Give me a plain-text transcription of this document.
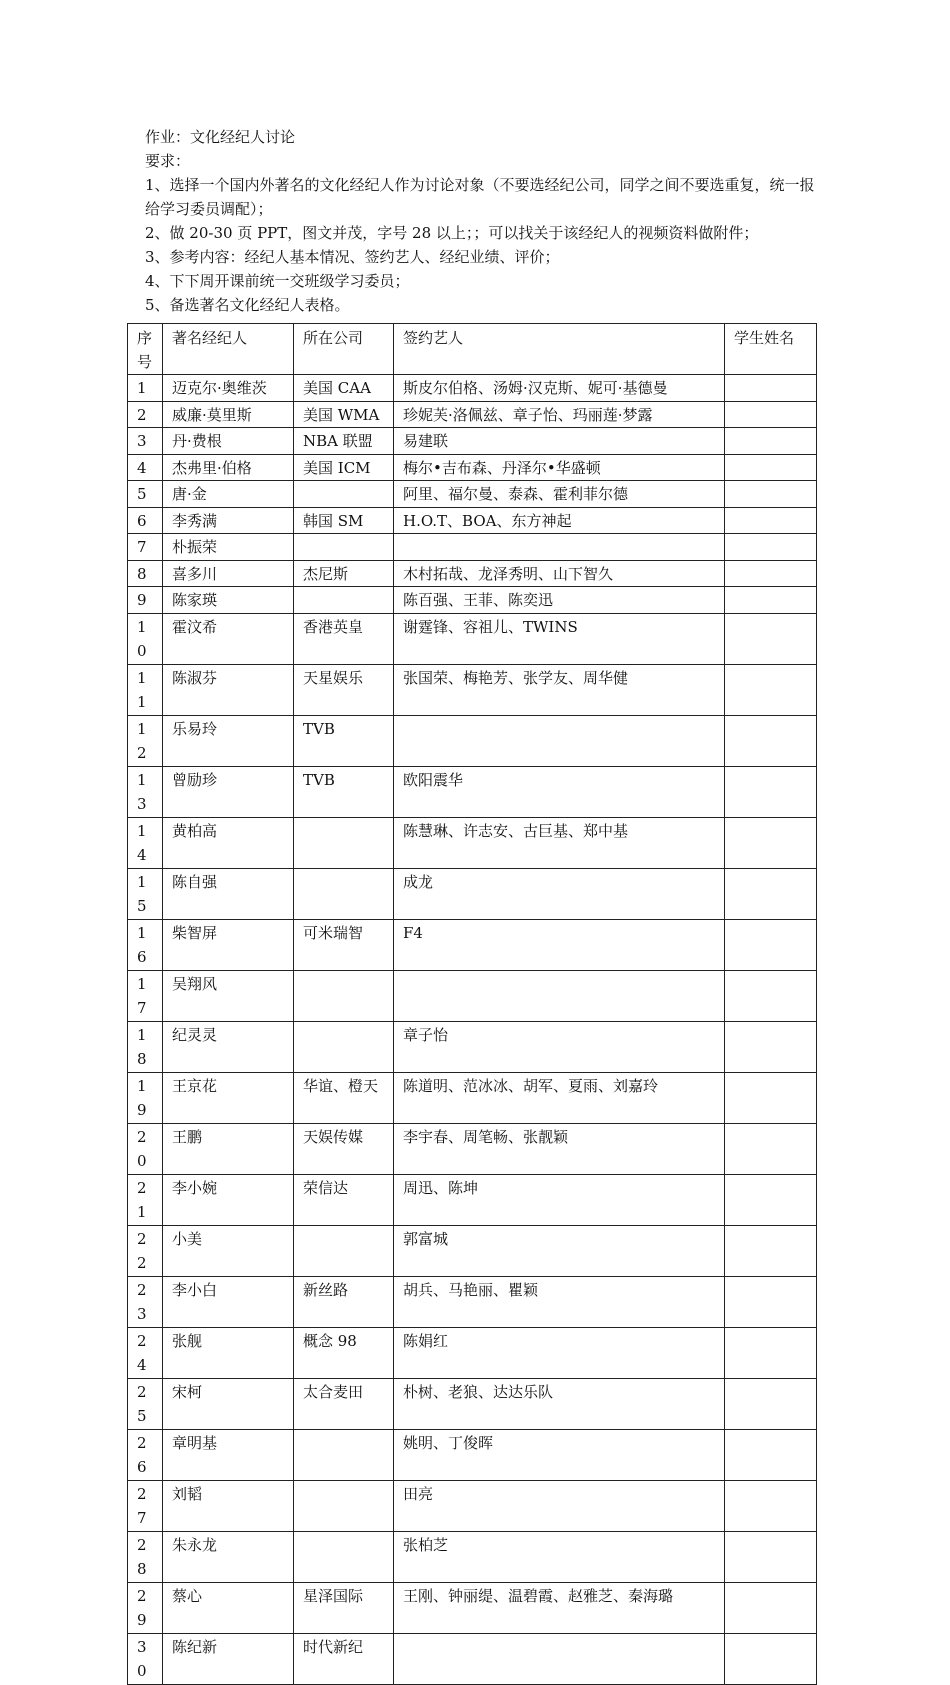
作业：文化经纪人讨论

要求：

1、选择一个国内外著名的文化经纪人作为讨论对象（不要选经纪公司，同学之间不要选重复，统一报给学习委员调配）；

2、做 20-30 页 PPT，图文并茂，字号 28 以上；；可以找关于该经纪人的视频资料做附件；

3、参考内容：经纪人基本情况、签约艺人、经纪业绩、评价；

4、下下周开课前统一交班级学习委员；

5、备选著名文化经纪人表格。

序号	著名经纪人	所在公司	签约艺人	学生姓名
1	迈克尔·奥维茨	美国 CAA	斯皮尔伯格、汤姆·汉克斯、妮可·基德曼	
2	威廉·莫里斯	美国 WMA	珍妮芙·洛佩兹、章子怡、玛丽莲·梦露	
3	丹·费根	NBA 联盟	易建联	
4	杰弗里·伯格	美国 ICM	梅尔•吉布森、丹泽尔•华盛顿	
5	唐·金		阿里、福尔曼、泰森、霍利菲尔德	
6	李秀满	韩国 SM	H.O.T、BOA、东方神起	
7	朴振荣			
8	喜多川	杰尼斯	木村拓哉、龙泽秀明、山下智久	
9	陈家瑛		陈百强、王菲、陈奕迅	
10	霍汶希	香港英皇	谢霆锋、容祖儿、TWINS	
11	陈淑芬	天星娱乐	张国荣、梅艳芳、张学友、周华健	
12	乐易玲	TVB		
13	曾励珍	TVB	欧阳震华	
14	黄柏高		陈慧琳、许志安、古巨基、郑中基	
15	陈自强		成龙	
16	柴智屏	可米瑞智	F4	
17	吴翔风			
18	纪灵灵		章子怡	
19	王京花	华谊、橙天	陈道明、范冰冰、胡军、夏雨、刘嘉玲	
20	王鹏	天娱传媒	李宇春、周笔畅、张靓颖	
21	李小婉	荣信达	周迅、陈坤	
22	小美		郭富城	
23	李小白	新丝路	胡兵、马艳丽、瞿颖	
24	张舰	概念 98	陈娟红	
25	宋柯	太合麦田	朴树、老狼、达达乐队	
26	章明基		姚明、丁俊晖	
27	刘韬		田亮	
28	朱永龙		张柏芝	
29	蔡心	星泽国际	王刚、钟丽缇、温碧霞、赵雅芝、秦海璐	
30	陈纪新	时代新纪		
